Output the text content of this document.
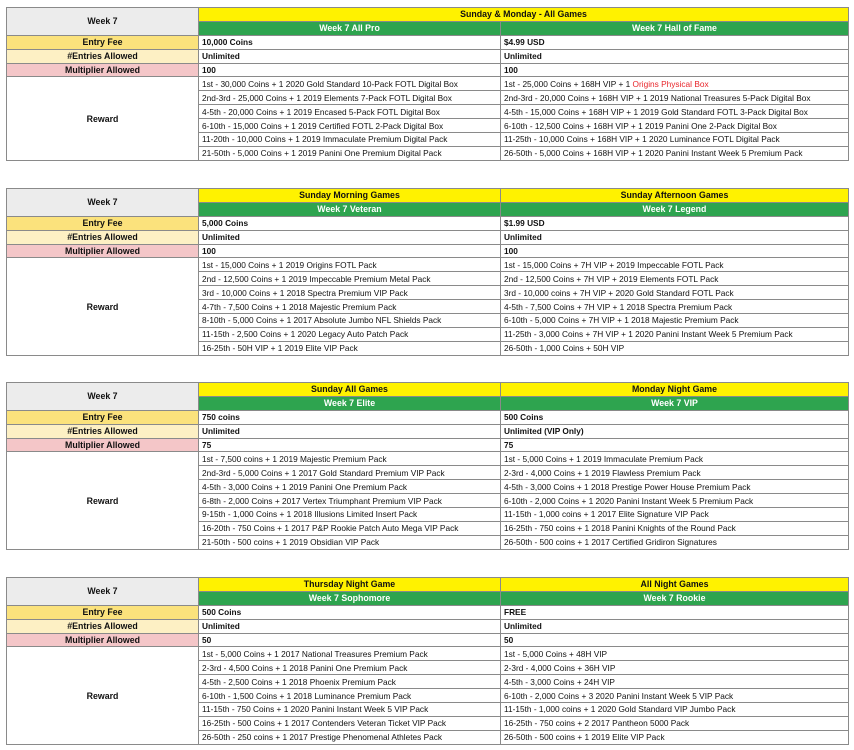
Week 7	Sunday & Monday - All Games	
	Week 7 All Pro	Week 7 Hall of Fame
Entry Fee	10,000 Coins	$4.99 USD
#Entries Allowed	Unlimited	Unlimited
Multiplier Allowed	100	100
Reward	1st - 30,000 Coins + 1 2020 Gold Standard 10-Pack FOTL Digital Box	1st - 25,000 Coins + 168H VIP + 1 Origins Physical Box
	2nd-3rd - 25,000 Coins + 1 2019 Elements 7-Pack FOTL Digital Box	2nd-3rd - 20,000 Coins + 168H VIP + 1 2019 National Treasures 5-Pack Digital Box
	4-5th - 20,000 Coins + 1 2019 Encased 5-Pack FOTL Digital Box	4-5th - 15,000 Coins + 168H VIP + 1 2019 Gold Standard FOTL 3-Pack Digital Box
	6-10th - 15,000 Coins + 1 2019 Certified FOTL 2-Pack Digital Box	6-10th - 12,500 Coins + 168H VIP + 1 2019 Panini One 2-Pack Digital Box
	11-20th - 10,000 Coins + 1 2019 Immaculate Premium Digital Pack	11-25th - 10,000 Coins + 168H VIP + 1 2020 Luminance FOTL Digital Pack
	21-50th - 5,000 Coins + 1 2019 Panini One Premium Digital Pack	26-50th - 5,000 Coins + 168H VIP + 1 2020 Panini Instant Week 5 Premium Pack
Week 7	Sunday Morning Games	Sunday Afternoon Games
	Week 7 Veteran	Week 7 Legend
Entry Fee	5,000 Coins	$1.99 USD
#Entries Allowed	Unlimited	Unlimited
Multiplier Allowed	100	100
Reward	1st - 15,000 Coins + 1 2019 Origins FOTL Pack	1st - 15,000 Coins + 7H VIP + 2019 Impeccable FOTL Pack
	2nd - 12,500 Coins + 1 2019 Impeccable Premium Metal Pack	2nd - 12,500 Coins + 7H VIP + 2019 Elements FOTL Pack
	3rd - 10,000 Coins + 1 2018 Spectra Premium VIP Pack	3rd - 10,000 coins + 7H VIP + 2020 Gold Standard FOTL Pack
	4-7th - 7,500 Coins + 1 2018 Majestic Premium Pack	4-5th - 7,500 Coins + 7H VIP + 1 2018 Spectra Premium Pack
	8-10th - 5,000 Coins + 1 2017 Absolute Jumbo NFL Shields Pack	6-10th - 5,000 Coins + 7H VIP + 1 2018 Majestic Premium Pack
	11-15th - 2,500 Coins + 1 2020 Legacy Auto Patch Pack	11-25th - 3,000 Coins + 7H VIP + 1 2020 Panini Instant Week 5 Premium Pack
	16-25th - 50H VIP + 1 2019 Elite VIP Pack	26-50th - 1,000 Coins + 50H VIP
Week 7	Sunday All Games	Monday Night Game
	Week 7 Elite	Week 7 VIP
Entry Fee	750 coins	500 Coins
#Entries Allowed	Unlimited	Unlimited (VIP Only)
Multiplier Allowed	75	75
Reward	1st - 7,500 coins + 1 2019 Majestic Premium Pack	1st - 5,000 Coins + 1 2019 Immaculate Premium Pack
	2nd-3rd - 5,000 Coins + 1 2017 Gold Standard Premium VIP Pack	2-3rd - 4,000 Coins + 1 2019 Flawless Premium Pack
	4-5th - 3,000 Coins + 1 2019 Panini One Premium Pack	4-5th - 3,000 Coins + 1 2018 Prestige Power House Premium Pack
	6-8th - 2,000 Coins + 2017 Vertex Triumphant Premium VIP Pack	6-10th - 2,000 Coins + 1 2020 Panini Instant Week 5 Premium Pack
	9-15th - 1,000 Coins + 1 2018 Illusions Limited Insert Pack	11-15th - 1,000 coins + 1 2017 Elite Signature VIP Pack
	16-20th - 750 Coins + 1 2017 P&P Rookie Patch Auto Mega VIP Pack	16-25th - 750 coins + 1 2018 Panini Knights of the Round Pack
	21-50th - 500 coins + 1 2019 Obsidian VIP Pack	26-50th - 500 coins + 1 2017 Certified Gridiron Signatures
Week 7	Thursday Night Game	All Night Games
	Week 7 Sophomore	Week 7 Rookie
Entry Fee	500 Coins	FREE
#Entries Allowed	Unlimited	Unlimited
Multiplier Allowed	50	50
Reward	1st - 5,000 Coins + 1 2017 National Treasures Premium Pack	1st - 5,000 Coins + 48H VIP
	2-3rd - 4,500 Coins + 1 2018 Panini One Premium Pack	2-3rd - 4,000 Coins + 36H VIP
	4-5th - 2,500 Coins + 1 2018 Phoenix Premium Pack	4-5th - 3,000 Coins + 24H VIP
	6-10th - 1,500 Coins + 1 2018 Luminance Premium Pack	6-10th - 2,000 Coins + 3 2020 Panini Instant Week 5 VIP Pack
	11-15th - 750 Coins + 1 2020 Panini Instant Week 5 VIP Pack	11-15th - 1,000 coins + 1 2020 Gold Standard VIP Jumbo Pack
	16-25th - 500 Coins + 1 2017 Contenders Veteran Ticket VIP Pack	16-25th - 750 coins + 2 2017 Pantheon 5000 Pack
	26-50th - 250 coins + 1 2017 Prestige Phenomenal Athletes Pack	26-50th - 500 coins + 1 2019 Elite VIP Pack
